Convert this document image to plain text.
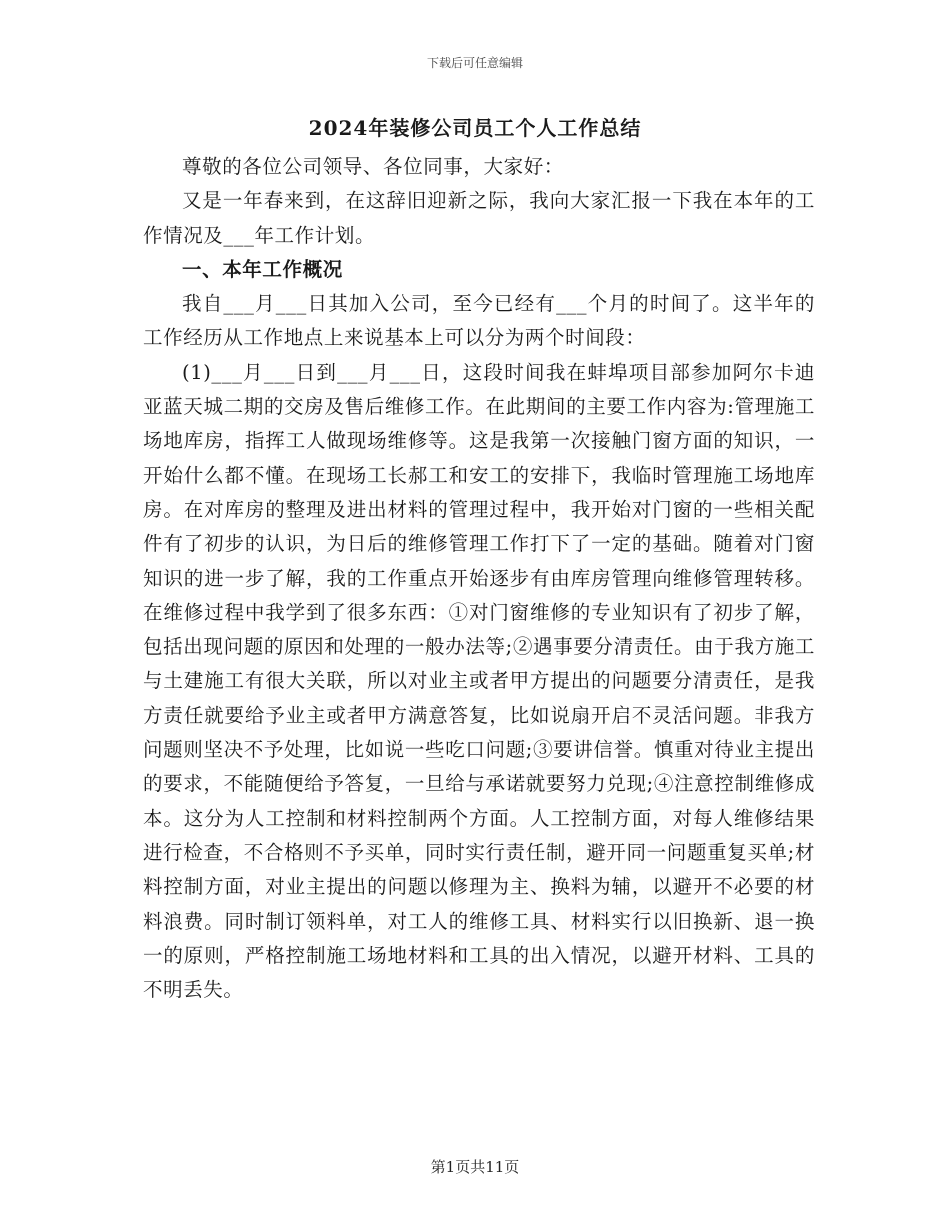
下载后可任意编辑
2024年装修公司员工个人工作总结

尊敬的各位公司领导、各位同事，大家好：

又是一年春来到，在这辞旧迎新之际，我向大家汇报一下我在本年的工作情况及___年工作计划。

一、本年工作概况

我自___月___日其加入公司，至今已经有___个月的时间了。这半年的工作经历从工作地点上来说基本上可以分为两个时间段：

(1)___月___日到___月___日，这段时间我在蚌埠项目部参加阿尔卡迪亚蓝天城二期的交房及售后维修工作。在此期间的主要工作内容为:管理施工场地库房，指挥工人做现场维修等。这是我第一次接触门窗方面的知识，一开始什么都不懂。在现场工长郝工和安工的安排下，我临时管理施工场地库房。在对库房的整理及进出材料的管理过程中，我开始对门窗的一些相关配件有了初步的认识，为日后的维修管理工作打下了一定的基础。随着对门窗知识的进一步了解，我的工作重点开始逐步有由库房管理向维修管理转移。在维修过程中我学到了很多东西：①对门窗维修的专业知识有了初步了解，包括出现问题的原因和处理的一般办法等;②遇事要分清责任。由于我方施工与土建施工有很大关联，所以对业主或者甲方提出的问题要分清责任，是我方责任就要给予业主或者甲方满意答复，比如说扇开启不灵活问题。非我方问题则坚决不予处理，比如说一些吃口问题;③要讲信誉。慎重对待业主提出的要求，不能随便给予答复，一旦给与承诺就要努力兑现;④注意控制维修成本。这分为人工控制和材料控制两个方面。人工控制方面，对每人维修结果进行检查，不合格则不予买单，同时实行责任制，避开同一问题重复买单;材料控制方面，对业主提出的问题以修理为主、换料为辅，以避开不必要的材料浪费。同时制订领料单，对工人的维修工具、材料实行以旧换新、退一换一的原则，严格控制施工场地材料和工具的出入情况，以避开材料、工具的不明丢失。

第1页共11页
